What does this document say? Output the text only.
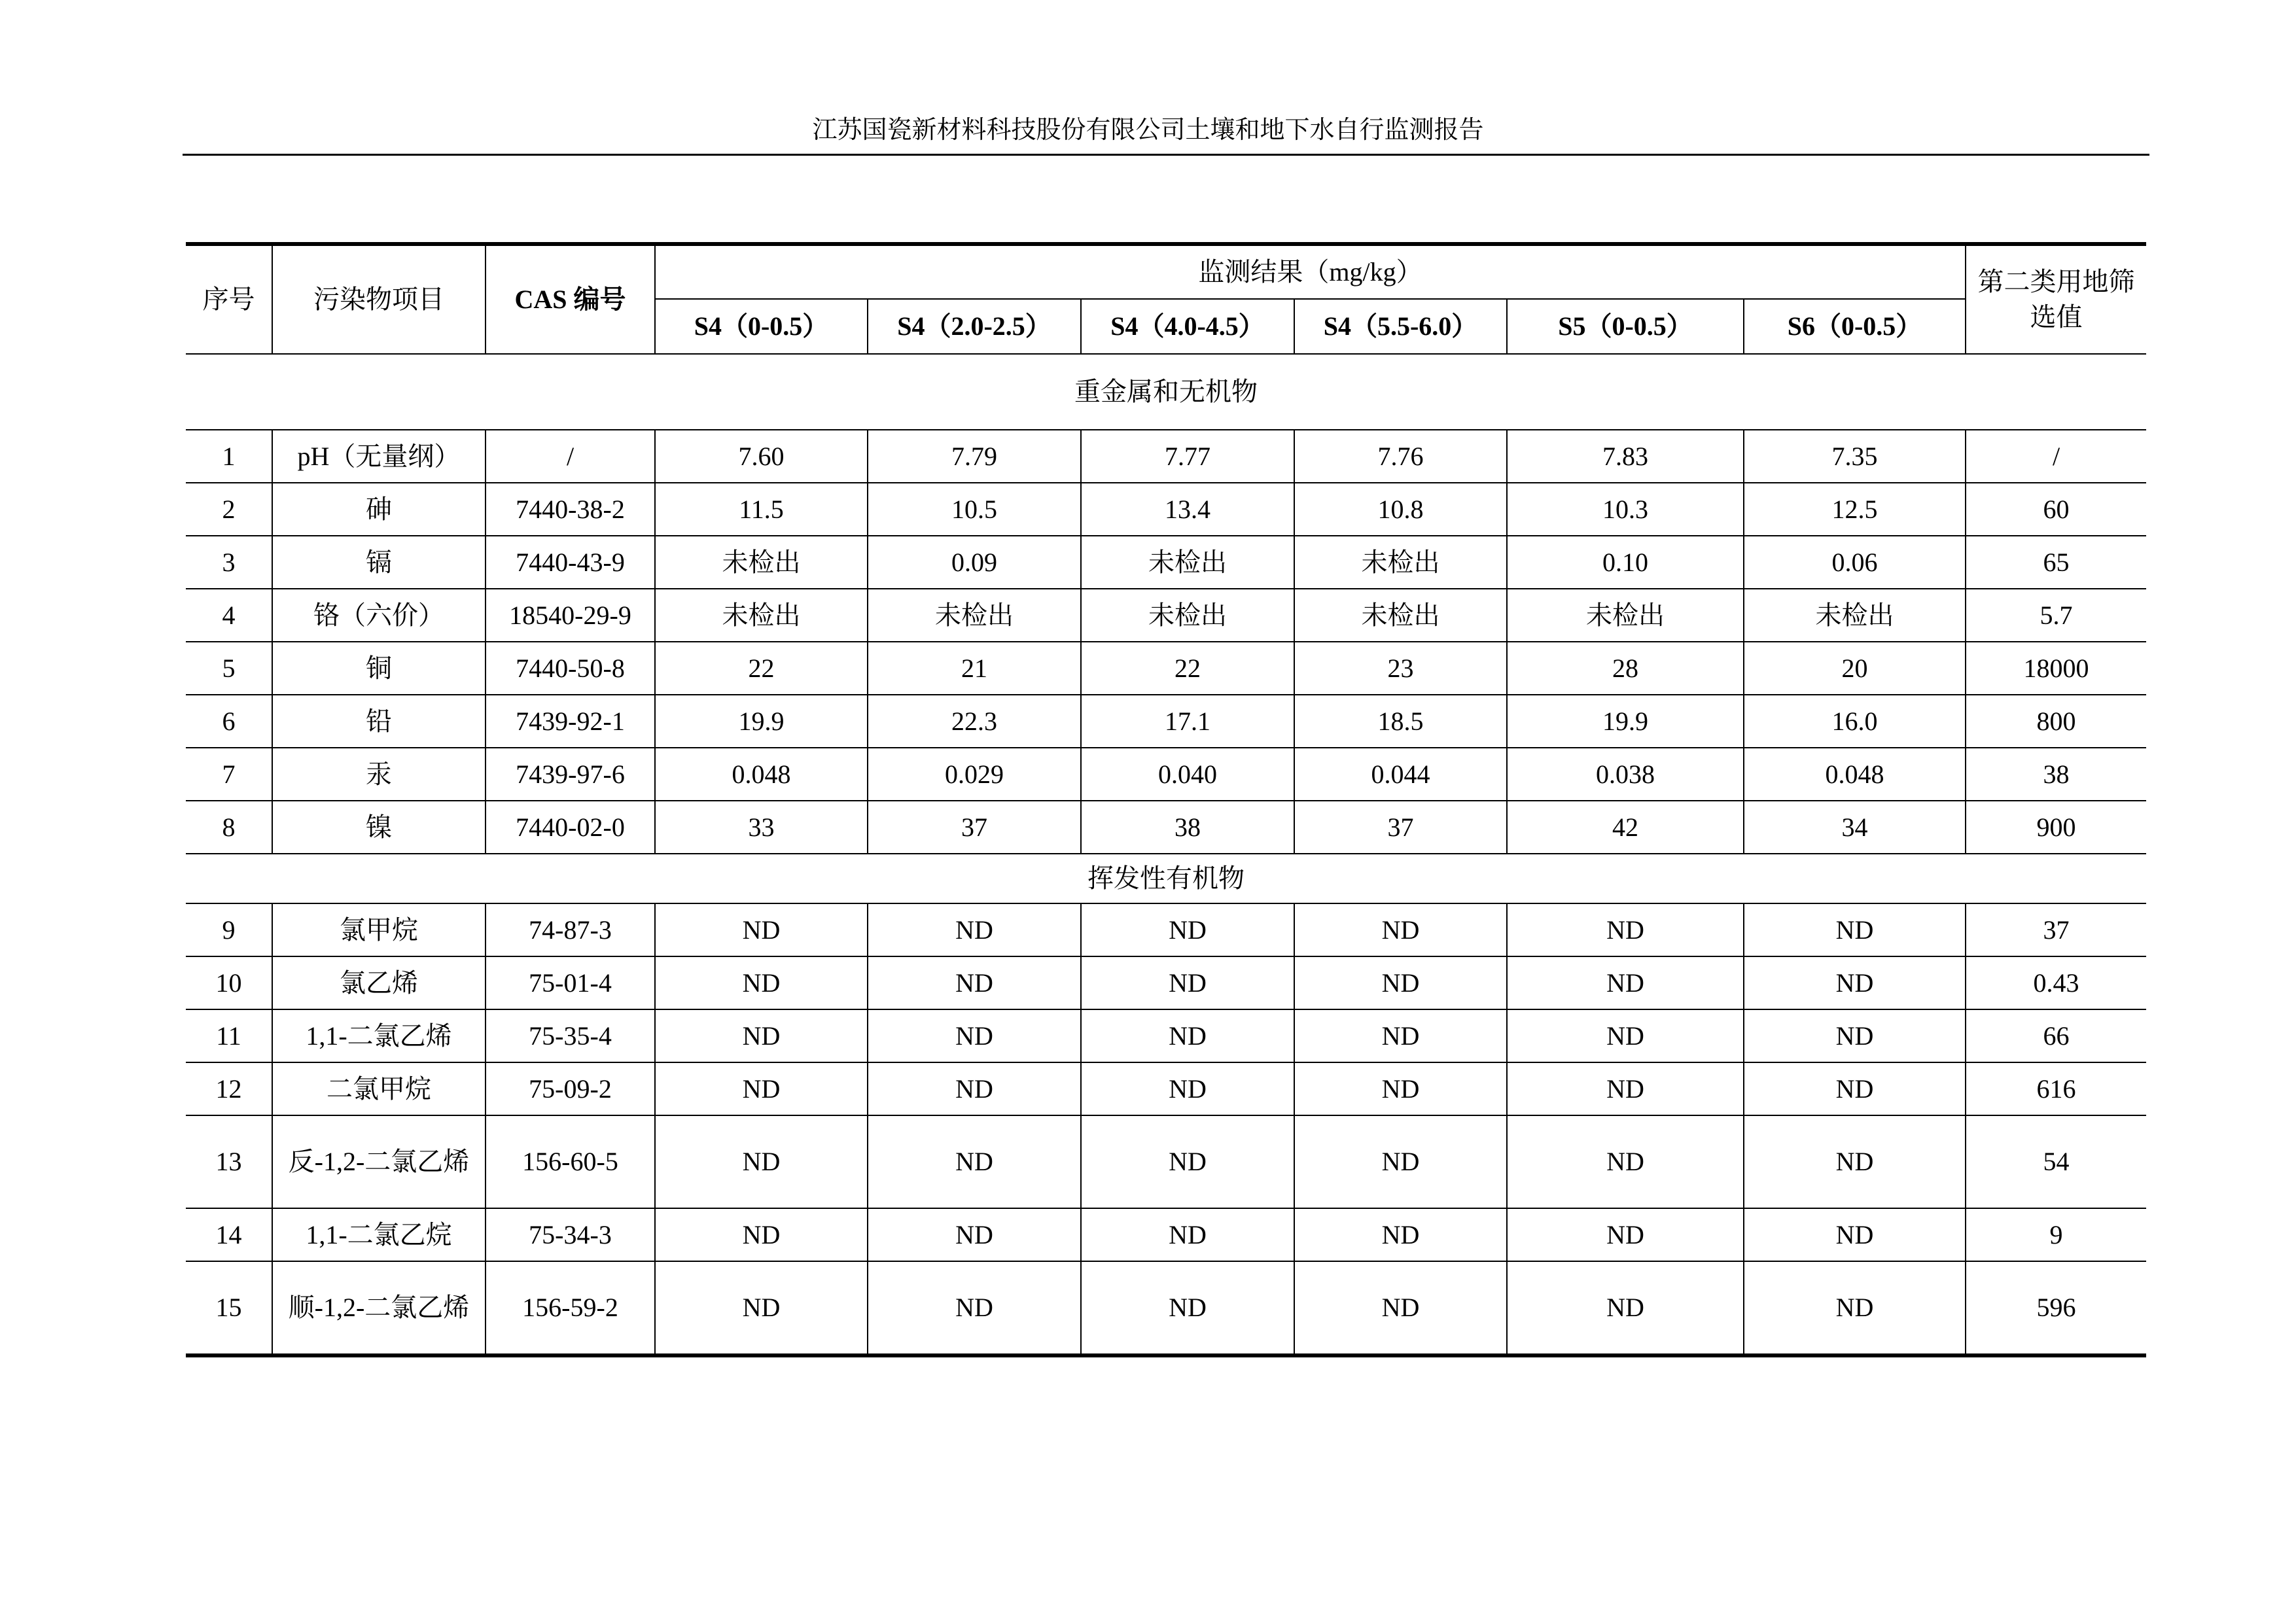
江苏国瓷新材料科技股份有限公司土壤和地下水自行监测报告
序号	污染物项目	CAS 编号	监测结果（mg/kg）						第二类用地筛选值
			S4（0-0.5）	S4（2.0-2.5）	S4（4.0-4.5）	S4（5.5-6.0）	S5（0-0.5）	S6（0-0.5）	
重金属和无机物									
1	pH（无量纲）	/	7.60	7.79	7.77	7.76	7.83	7.35	/
2	砷	7440-38-2	11.5	10.5	13.4	10.8	10.3	12.5	60
3	镉	7440-43-9	未检出	0.09	未检出	未检出	0.10	0.06	65
4	铬（六价）	18540-29-9	未检出	未检出	未检出	未检出	未检出	未检出	5.7
5	铜	7440-50-8	22	21	22	23	28	20	18000
6	铅	7439-92-1	19.9	22.3	17.1	18.5	19.9	16.0	800
7	汞	7439-97-6	0.048	0.029	0.040	0.044	0.038	0.048	38
8	镍	7440-02-0	33	37	38	37	42	34	900
挥发性有机物									
9	氯甲烷	74-87-3	ND	ND	ND	ND	ND	ND	37
10	氯乙烯	75-01-4	ND	ND	ND	ND	ND	ND	0.43
11	1,1-二氯乙烯	75-35-4	ND	ND	ND	ND	ND	ND	66
12	二氯甲烷	75-09-2	ND	ND	ND	ND	ND	ND	616
13	反-1,2-二氯乙烯	156-60-5	ND	ND	ND	ND	ND	ND	54
14	1,1-二氯乙烷	75-34-3	ND	ND	ND	ND	ND	ND	9
15	顺-1,2-二氯乙烯	156-59-2	ND	ND	ND	ND	ND	ND	596
